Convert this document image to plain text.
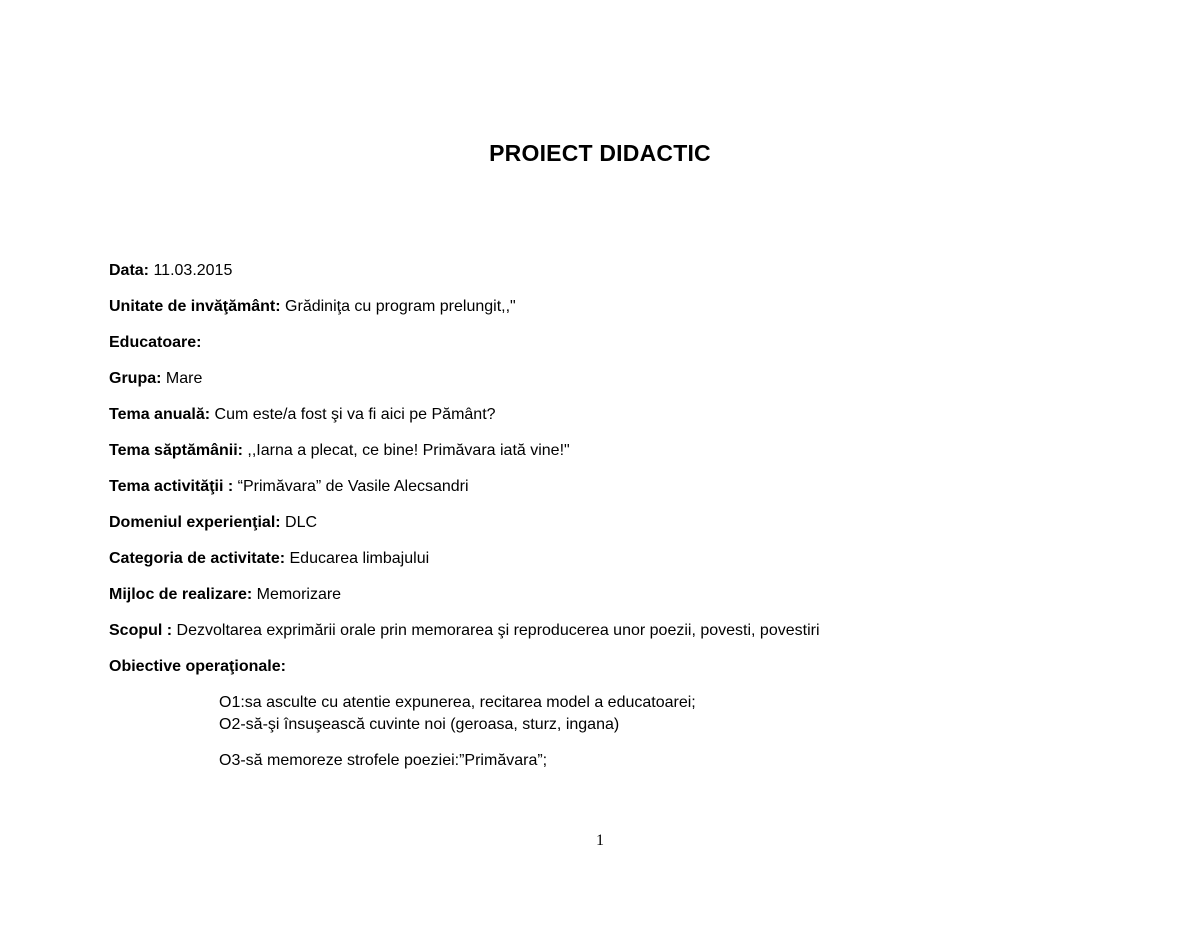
PROIECT DIDACTIC
Data: 11.03.2015
Unitate de invăţământ: Grădiniţa cu program prelungit,,"
Educatoare:
Grupa: Mare
Tema anuală: Cum este/a fost şi va fi aici pe Pământ?
Tema săptămânii: ,,Iarna a plecat, ce bine! Primăvara iată vine!"
Tema activităţii : “Primăvara” de Vasile Alecsandri
Domeniul experienţial: DLC
Categoria de activitate: Educarea limbajului
Mijloc de realizare: Memorizare
Scopul : Dezvoltarea exprimării orale prin memorarea şi reproducerea unor poezii, povesti, povestiri
Obiective operaţionale:
O1:sa asculte cu atentie expunerea, recitarea model a educatoarei;
O2-să-şi însuşească cuvinte noi (geroasa, sturz, ingana)
O3-să memoreze strofele poeziei:”Primăvara”;
1
